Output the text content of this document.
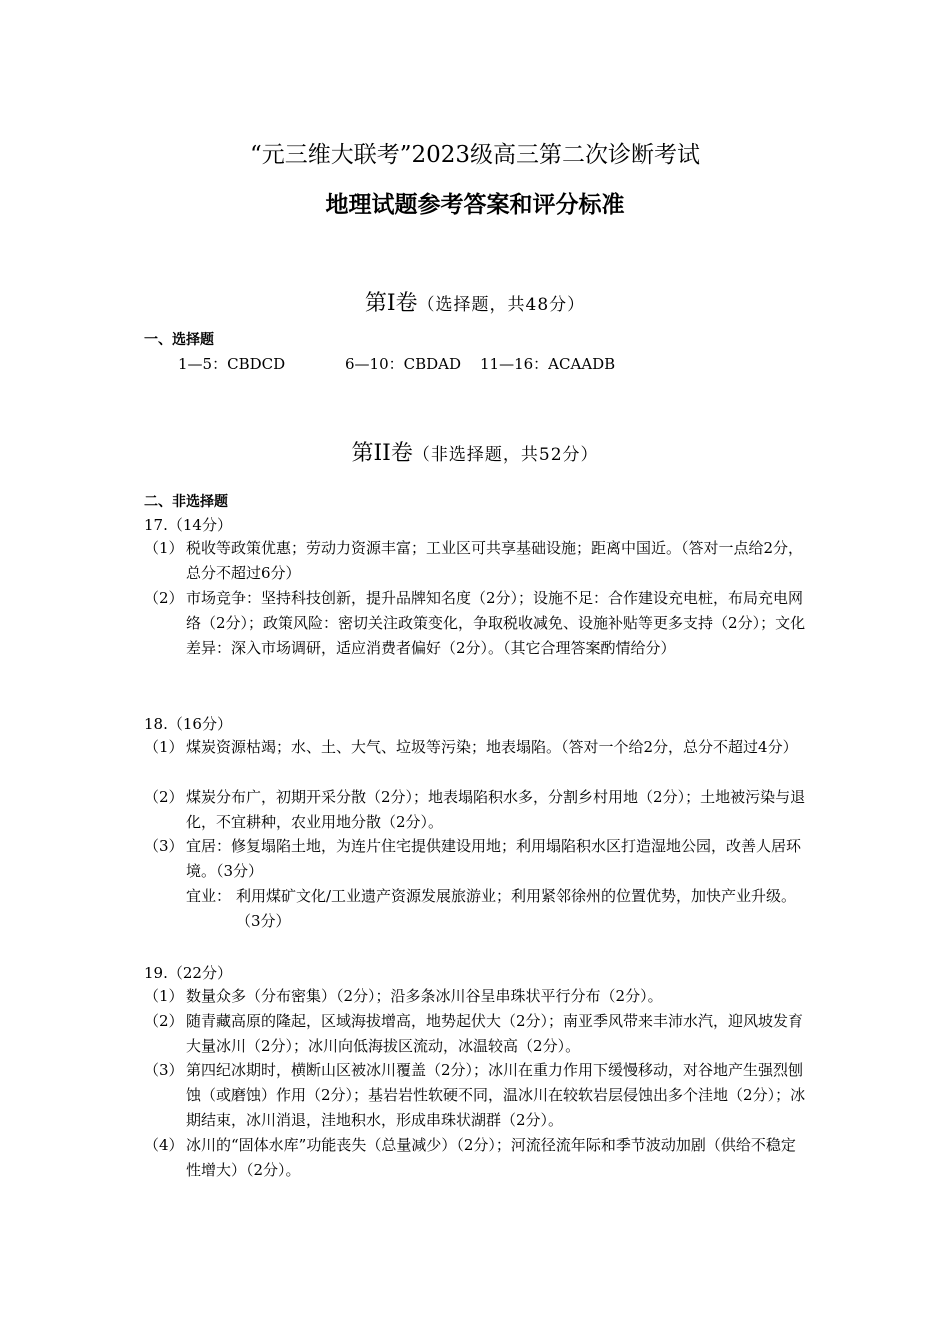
“元三维大联考”2023级高三第二次诊断考试
地理试题参考答案和评分标准
第I卷（选择题，共48分）
一、选择题
1—5：CBDCD	6—10：CBDAD 11—16：ACAADB
第II卷（非选择题，共52分）
二、非选择题
17.（14分）
（1） 税收等政策优惠；劳动力资源丰富；工业区可共享基础设施；距离中国近。（答对一点给2分，总分不超过6分）
（2） 市场竞争：坚持科技创新，提升品牌知名度（2分）；设施不足：合作建设充电桩，布局充电网络（2分）；政策风险：密切关注政策变化，争取税收减免、设施补贴等更多支持（2分）；文化差异：深入市场调研，适应消费者偏好（2分）。（其它合理答案酌情给分）
18.（16分）
（1） 煤炭资源枯竭；水、土、大气、垃圾等污染；地表塌陷。（答对一个给2分，总分不超过4分）
（2） 煤炭分布广，初期开采分散（2分）；地表塌陷积水多，分割乡村用地（2分）；土地被污染与退化，不宜耕种，农业用地分散（2分）。
（3） 宜居：修复塌陷土地，为连片住宅提供建设用地；利用塌陷积水区打造湿地公园，改善人居环境。（3分）
宜业： 利用煤矿文化/工业遗产资源发展旅游业；利用紧邻徐州的位置优势，加快产业升级。（3分）
19.（22分）
（1） 数量众多（分布密集）（2分）；沿多条冰川谷呈串珠状平行分布（2分）。
（2） 随青藏高原的隆起，区域海拔增高，地势起伏大（2分）；南亚季风带来丰沛水汽，迎风坡发育大量冰川（2分）；冰川向低海拔区流动，冰温较高（2分）。
（3） 第四纪冰期时，横断山区被冰川覆盖（2分）；冰川在重力作用下缓慢移动，对谷地产生强烈刨蚀（或磨蚀）作用（2分）；基岩岩性软硬不同，温冰川在较软岩层侵蚀出多个洼地（2分）；冰期结束，冰川消退，洼地积水，形成串珠状湖群（2分）。
（4） 冰川的“固体水库”功能丧失（总量减少）（2分）；河流径流年际和季节波动加剧（供给不稳定性增大）（2分）。
